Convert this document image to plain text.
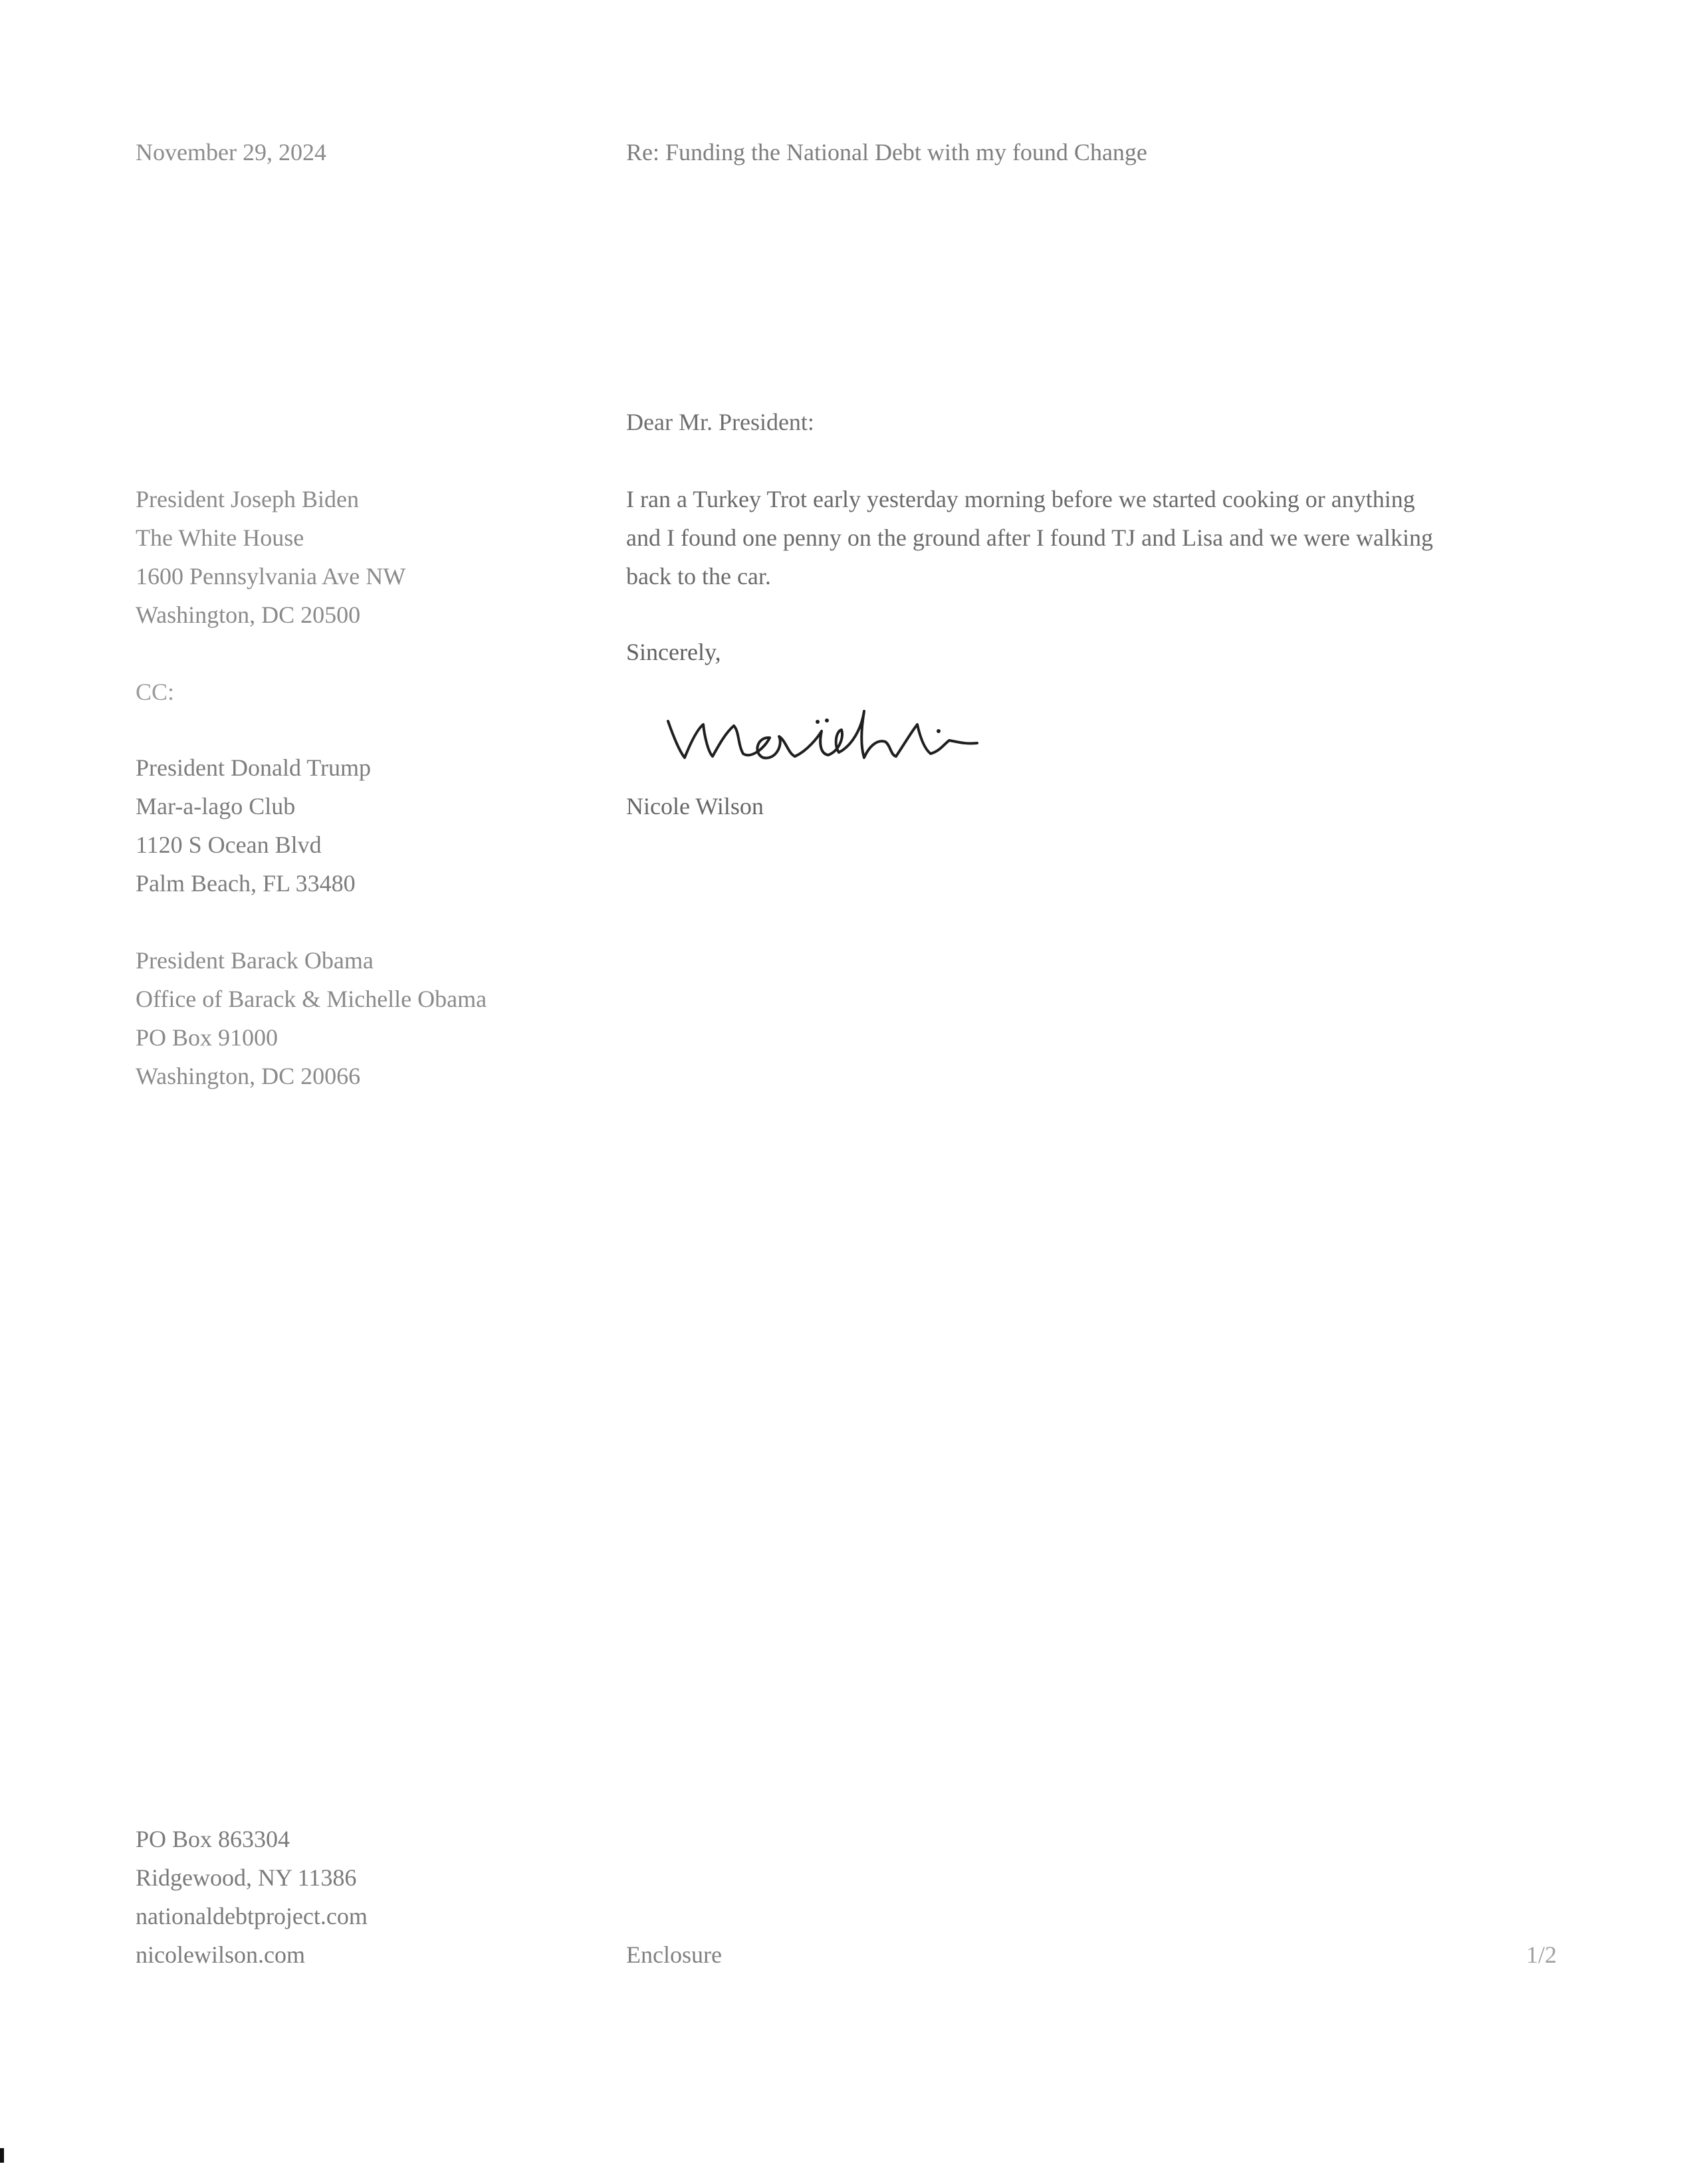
November 29, 2024	Re: Funding the National Debt with my found Change
Dear Mr. President:
I ran a Turkey Trot early yesterday morning before we started cooking or anything
and I found one penny on the ground after I found TJ and Lisa and we were walking
back to the car.
Sincerely,
Nicole Wilson
President Joseph Biden
The White House
1600 Pennsylvania Ave NW
Washington, DC 20500
CC:
President Donald Trump
Mar-a-lago Club
1120 S Ocean Blvd
Palm Beach, FL 33480
President Barack Obama
Office of Barack & Michelle Obama
PO Box 91000
Washington, DC 20066
PO Box 863304
Ridgewood, NY 11386
nationaldebtproject.com
nicolewilson.com	Enclosure	1/2
